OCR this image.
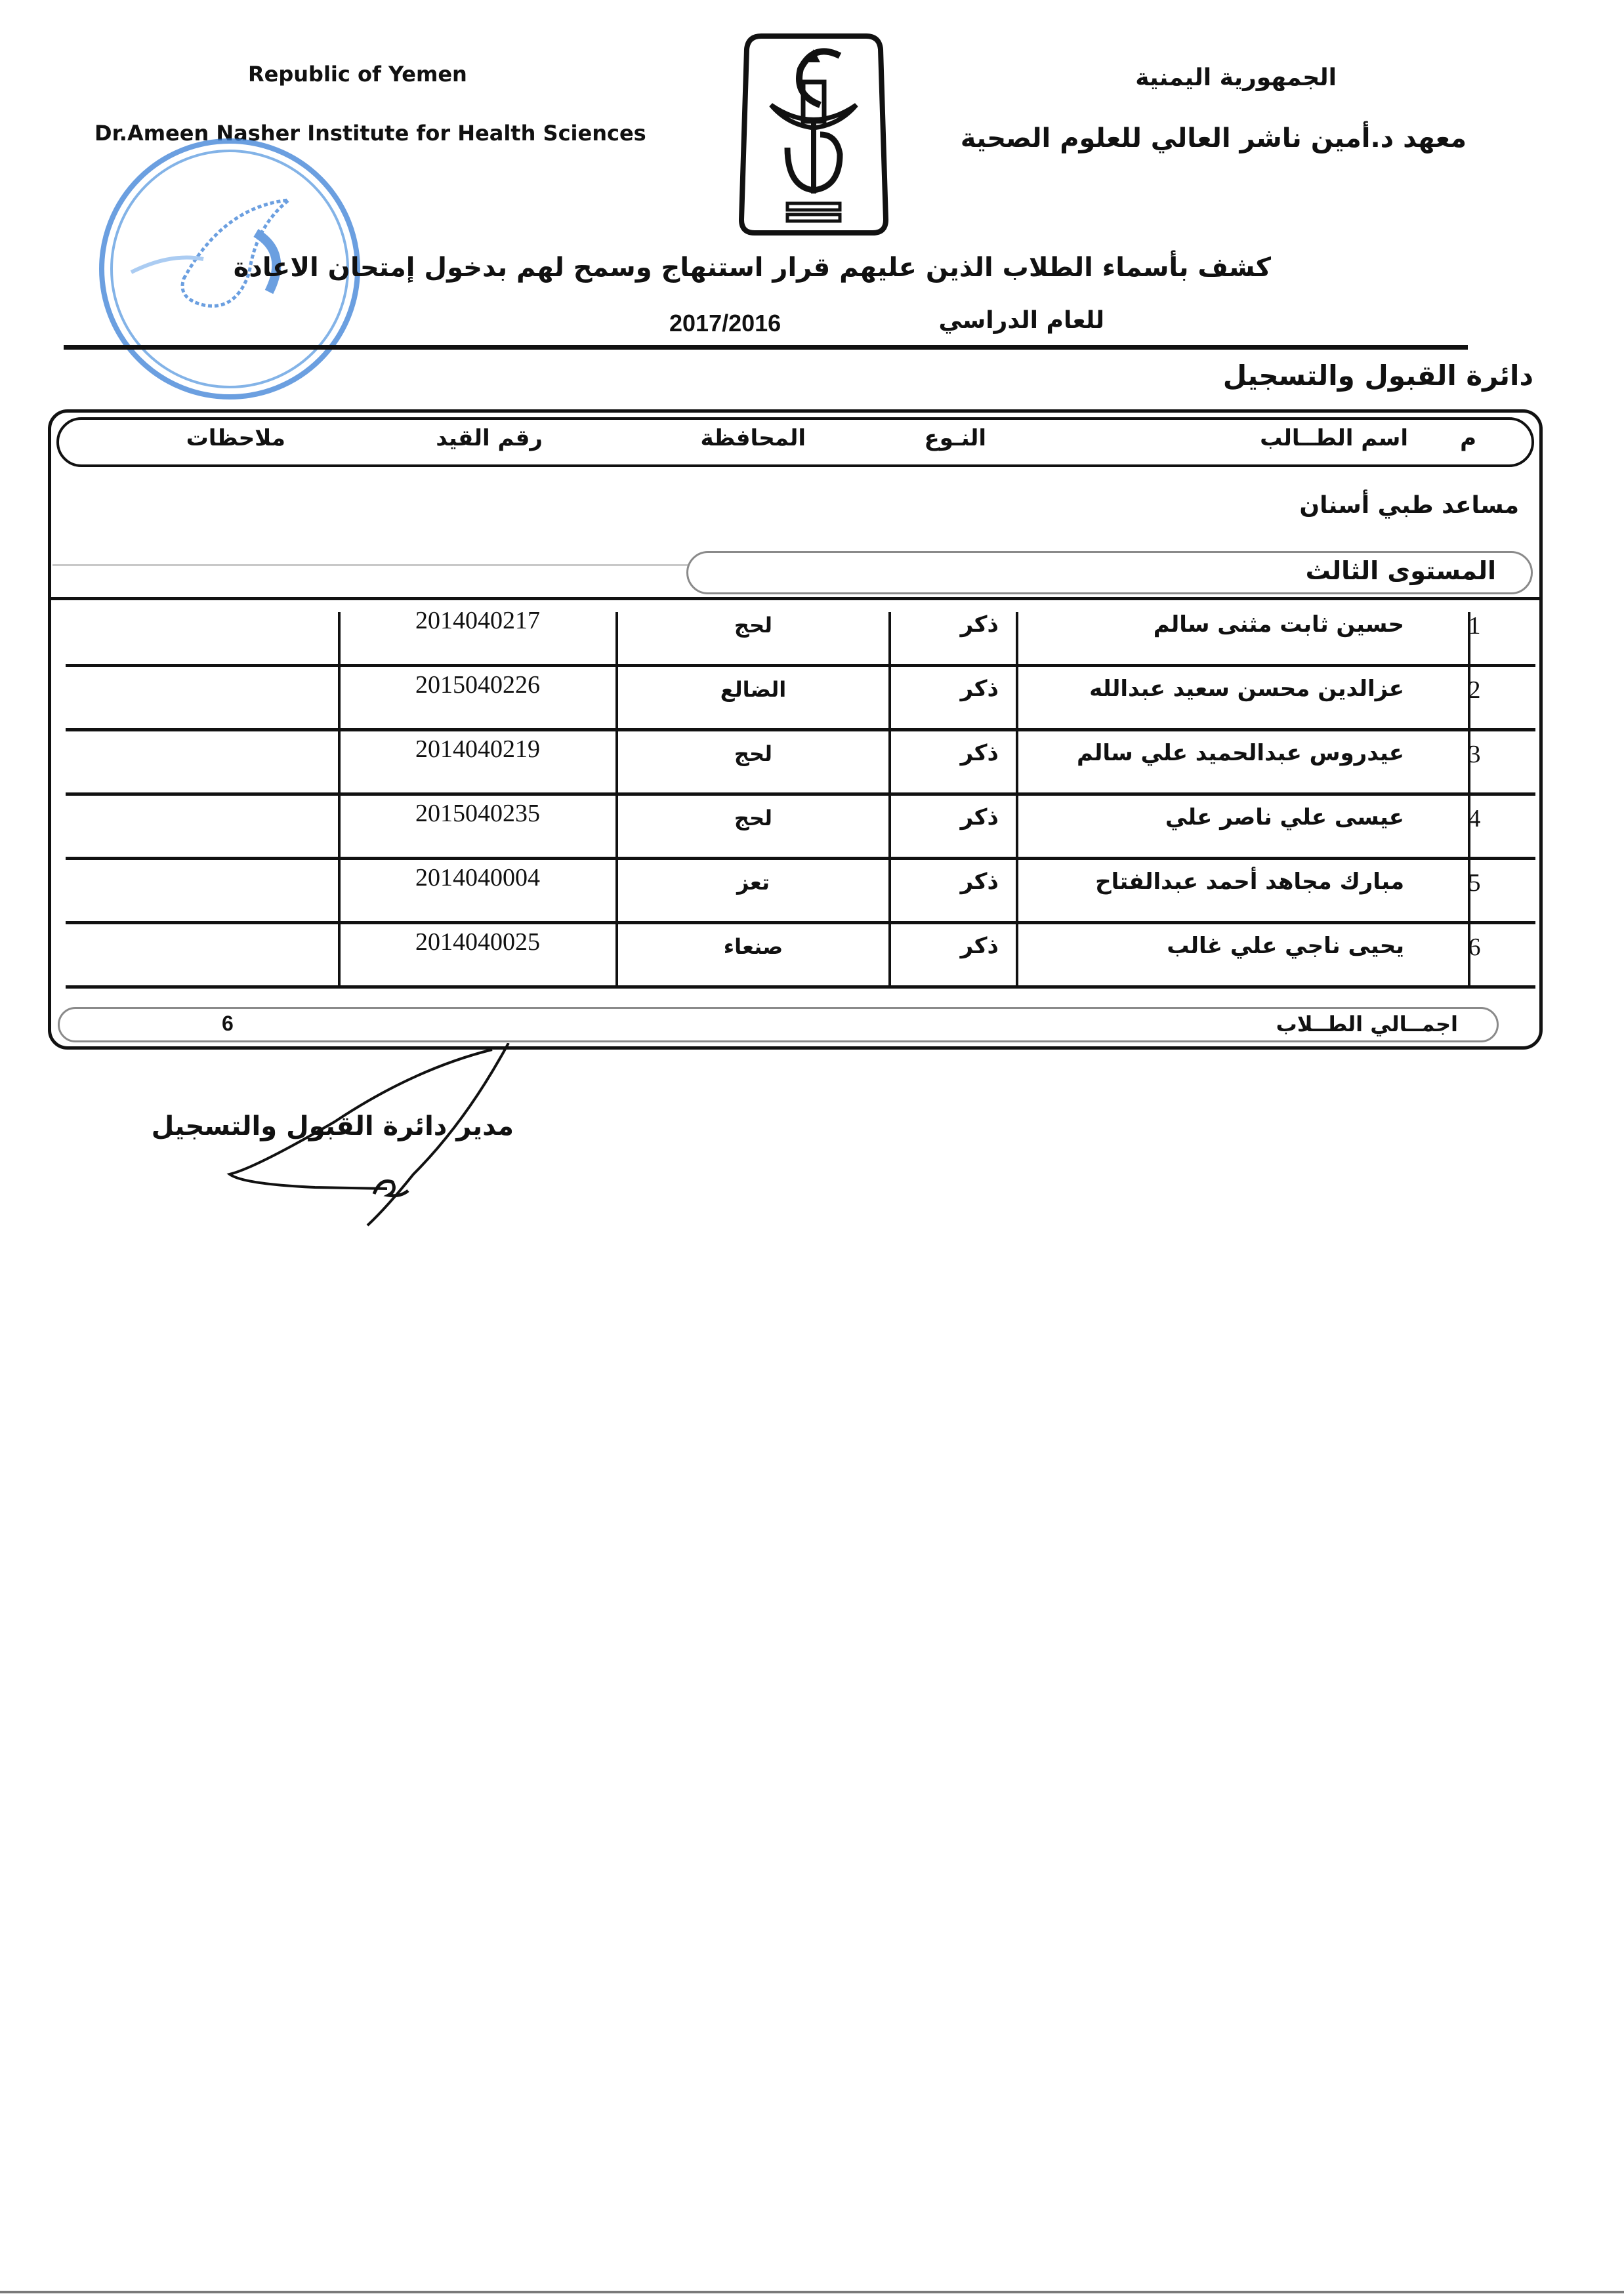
Republic of Yemen
Dr.Ameen Nasher Institute for Health Sciences
الجمهورية اليمنية
معهد د.أمين ناشر العالي للعلوم الصحية
كشف بأسماء الطلاب الذين عليهم قرار استنهاج وسمح لهم بدخول إمتحان الاعادة
للعام الدراسي
2017/2016
دائرة القبول والتسجيل
م
اسم الطــالب
النـوع
المحافظة
رقم القيد
ملاحظات
مساعد طبي أسنان
المستوى الثالث
1
حسين ثابت مثنى سالم
ذكر
لحج
2014040217
2
عزالدين محسن سعيد عبدالله
ذكر
الضالع
2015040226
3
عيدروس عبدالحميد علي سالم
ذكر
لحج
2014040219
4
عيسى علي ناصر علي
ذكر
لحج
2015040235
5
مبارك مجاهد أحمد عبدالفتاح
ذكر
تعز
2014040004
6
يحيى ناجي علي غالب
ذكر
صنعاء
2014040025
اجمــالي الطــلاب
6
مدير دائرة القبول والتسجيل
